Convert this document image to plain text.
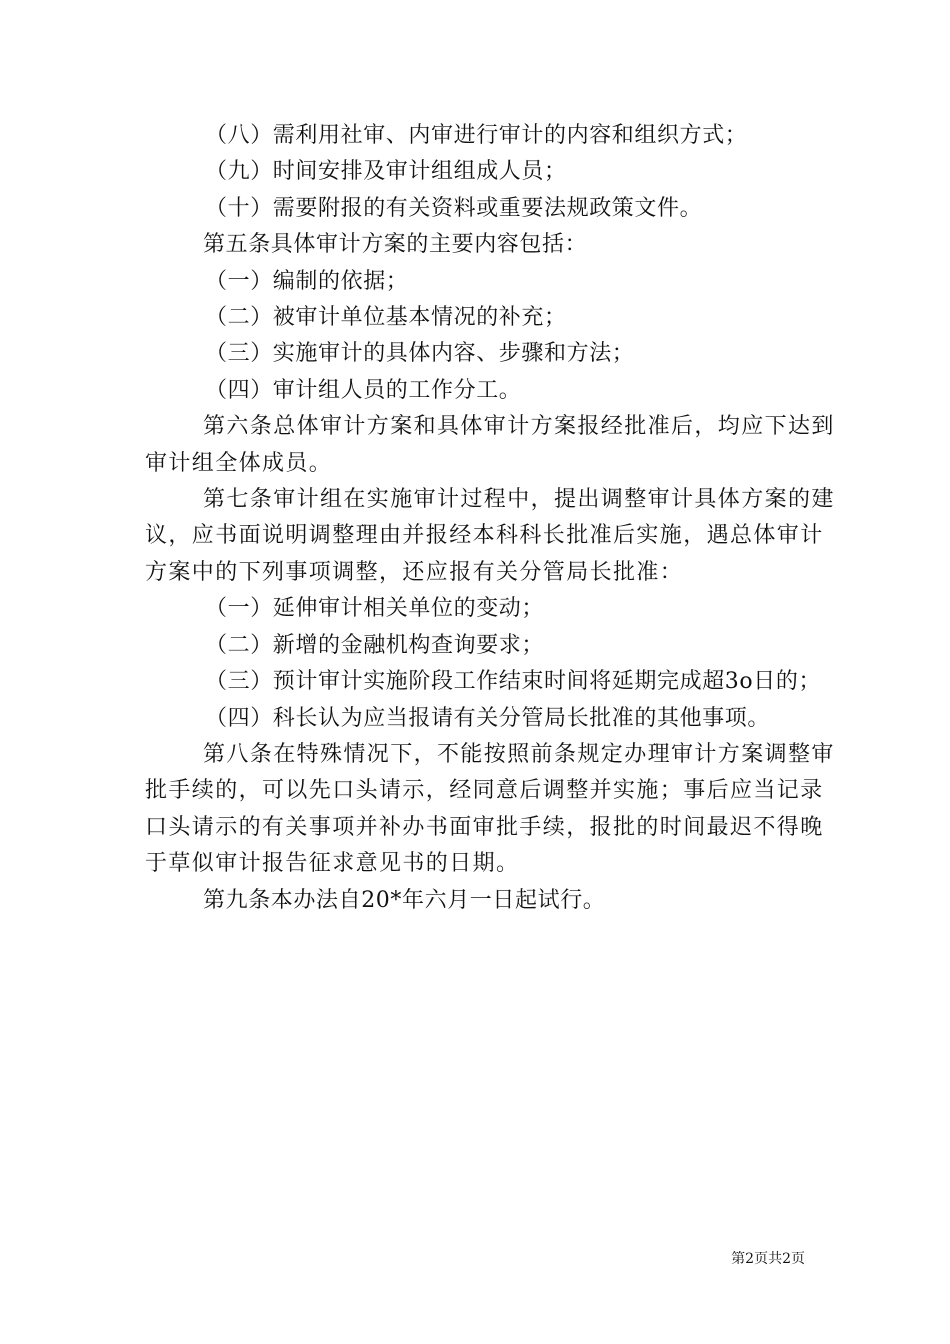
（八）需利用社审、内审进行审计的内容和组织方式；
（九）时间安排及审计组组成人员；
（十）需要附报的有关资料或重要法规政策文件。
第五条具体审计方案的主要内容包括：
（一）编制的依据；
（二）被审计单位基本情况的补充；
（三）实施审计的具体内容、步骤和方法；
（四）审计组人员的工作分工。
第六条总体审计方案和具体审计方案报经批准后，均应下达到
审计组全体成员。
第七条审计组在实施审计过程中，提出调整审计具体方案的建
议，应书面说明调整理由并报经本科科长批准后实施，遇总体审计
方案中的下列事项调整，还应报有关分管局长批准：
（一）延伸审计相关单位的变动；
（二）新增的金融机构查询要求；
（三）预计审计实施阶段工作结束时间将延期完成超3o日的；
（四）科长认为应当报请有关分管局长批准的其他事项。
第八条在特殊情况下，不能按照前条规定办理审计方案调整审
批手续的，可以先口头请示，经同意后调整并实施；事后应当记录
口头请示的有关事项并补办书面审批手续，报批的时间最迟不得晚
于草似审计报告征求意见书的日期。
第九条本办法自20*年六月一日起试行。
第2页共2页
